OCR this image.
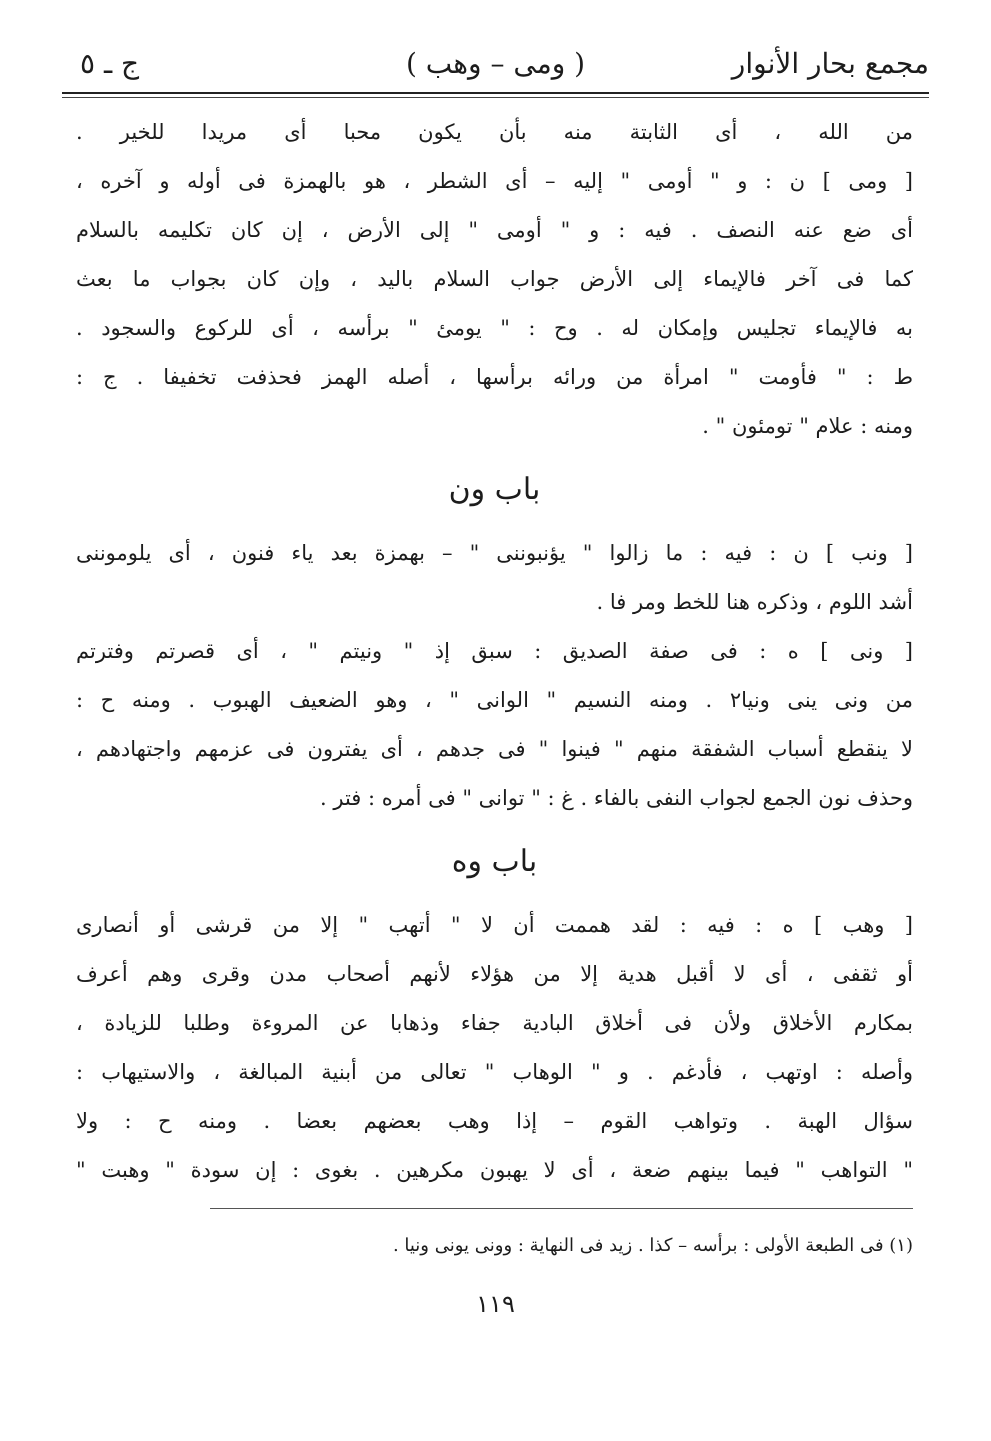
مجمع بحار الأنوار
( ومى – وهب )
ج ـ ٥
من الله ، أى الثابتة منه بأن يكون محبا أى مريدا للخير .
[ ومى ] ن : و " أومى " إليه – أى الشطر ، هو بالهمزة فى أوله و آخره ،
أى ضع عنه النصف . فيه : و " أومى " إلى الأرض ، إن كان تكليمه بالسلام
كما فى آخر فالإيماء إلى الأرض جواب السلام باليد ، وإن كان بجواب ما بعث
به فالإيماء تجليس وإمكان له . وح : " يومئ " برأسه ، أى للركوع والسجود .
ط : " فأومت " امرأة من ورائه برأسها ، أصله الهمز فحذفت تخفيفا . ج :
ومنه : علام " تومئون " .
باب ون
[ ونب ] ن : فيه : ما زالوا " يؤنبوننى " – بهمزة بعد ياء فنون ، أى يلوموننى
أشد اللوم ، وذكره هنا للخط ومر فا .
[ ونى ] ه : فى صفة الصديق : سبق إذ " ونيتم " ، أى قصرتم وفترتم
من ونى ينى ونيا٢ . ومنه النسيم " الوانى " ، وهو الضعيف الهبوب . ومنه ح :
لا ينقطع أسباب الشفقة منهم " فينوا " فى جدهم ، أى يفترون فى عزمهم واجتهادهم ،
وحذف نون الجمع لجواب النفى بالفاء . غ : " توانى " فى أمره : فتر .
باب وه
[ وهب ] ه : فيه : لقد هممت أن لا " أتهب " إلا من قرشى أو أنصارى
أو ثقفى ، أى لا أقبل هدية إلا من هؤلاء لأنهم أصحاب مدن وقرى وهم أعرف
بمكارم الأخلاق ولأن فى أخلاق البادية جفاء وذهابا عن المروءة وطلبا للزيادة ،
وأصله : اوتهب ، فأدغم . و " الوهاب " تعالى من أبنية المبالغة ، والاستيهاب :
سؤال الهبة . وتواهب القوم – إذا وهب بعضهم بعضا . ومنه ح : ولا
" التواهب " فيما بينهم ضعة ، أى لا يهبون مكرهين . بغوى : إن سودة " وهبت "
(١) فى الطبعة الأولى : برأسه – كذا . زيد فى النهاية : وونى يونى ونيا .
١١٩
